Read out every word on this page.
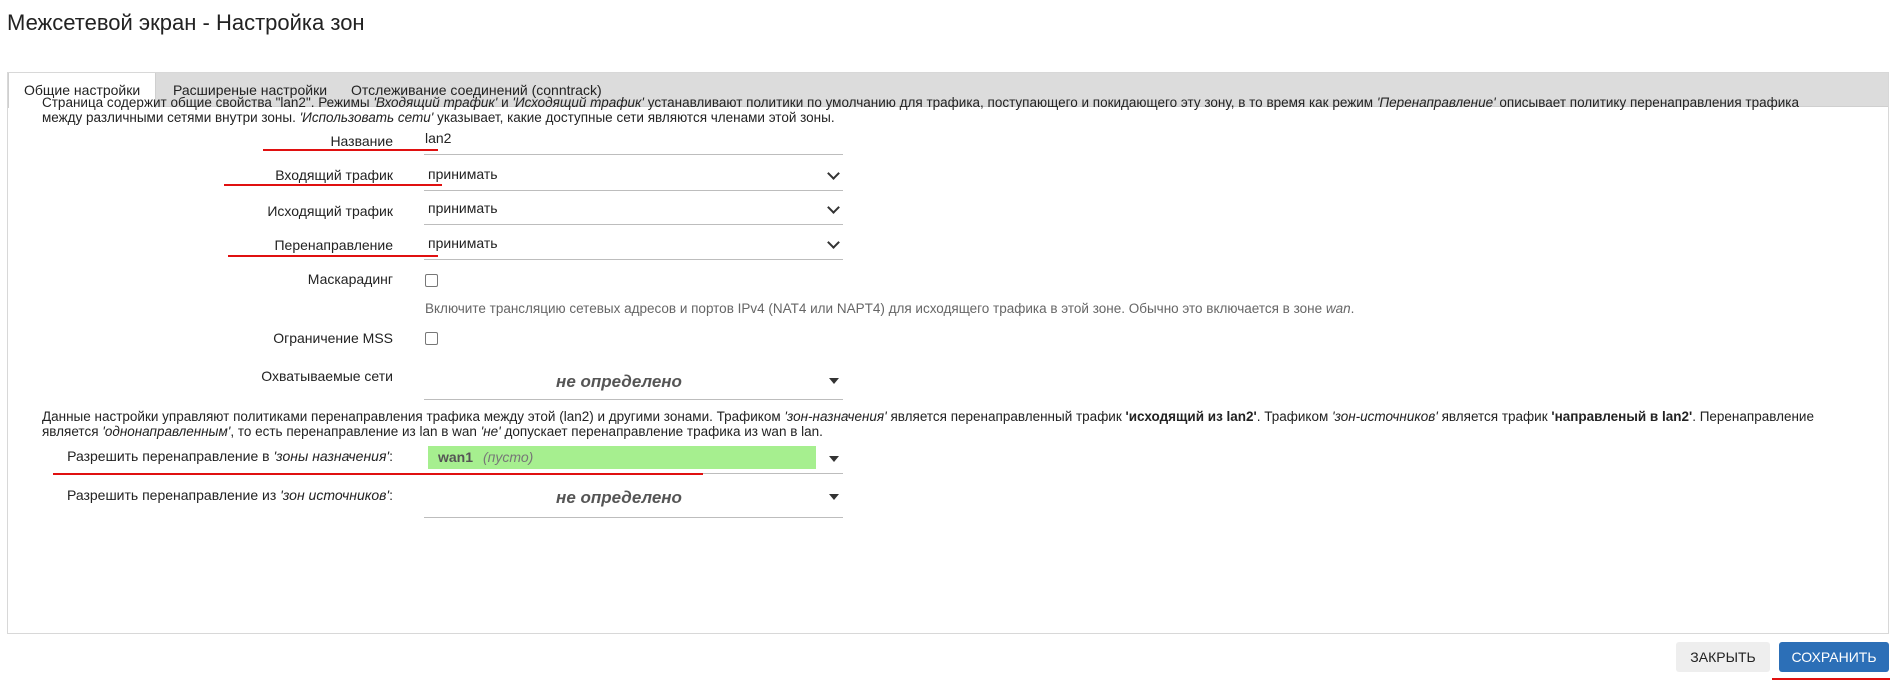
Межсетевой экран - Настройка зон
Общие настройки	Расширеные настройки	Отслеживание соединений (conntrack)
Страница содержит общие свойства "lan2". Режимы 'Входящий трафик' и 'Исходящий трафик' устанавливают политики по умолчанию для трафика, поступающего и покидающего эту зону, в то время как режим 'Перенаправление' описывает политику перенаправления трафика
между различными сетями внутри зоны. 'Использовать сети' указывает, какие доступные сети являются членами этой зоны.
Название lan2
Входящий трафик	принимать
Исходящий трафик	принимать
Перенаправление	принимать
Маскарадинг
Включите трансляцию сетевых адресов и портов IPv4 (NAT4 или NAPT4) для исходящего трафика в этой зоне. Обычно это включается в зоне wan.
Ограничение MSS
Охватываемые сети	не определено
Данные настройки управляют политиками перенаправления трафика между этой (lan2) и другими зонами. Трафиком 'зон-назначения' является перенаправленный трафик 'исходящий из lan2'. Трафиком 'зон-источников' является трафик 'направленый в lan2'. Перенаправление
является 'однонаправленным', то есть перенаправление из lan в wan 'не' допускает перенаправление трафика из wan в lan.
Разрешить перенаправление в 'зоны назначения':	wan1 (пусто)
Разрешить перенаправление из 'зон источников':	не определено
ЗАКРЫТЬ	СОХРАНИТЬ
